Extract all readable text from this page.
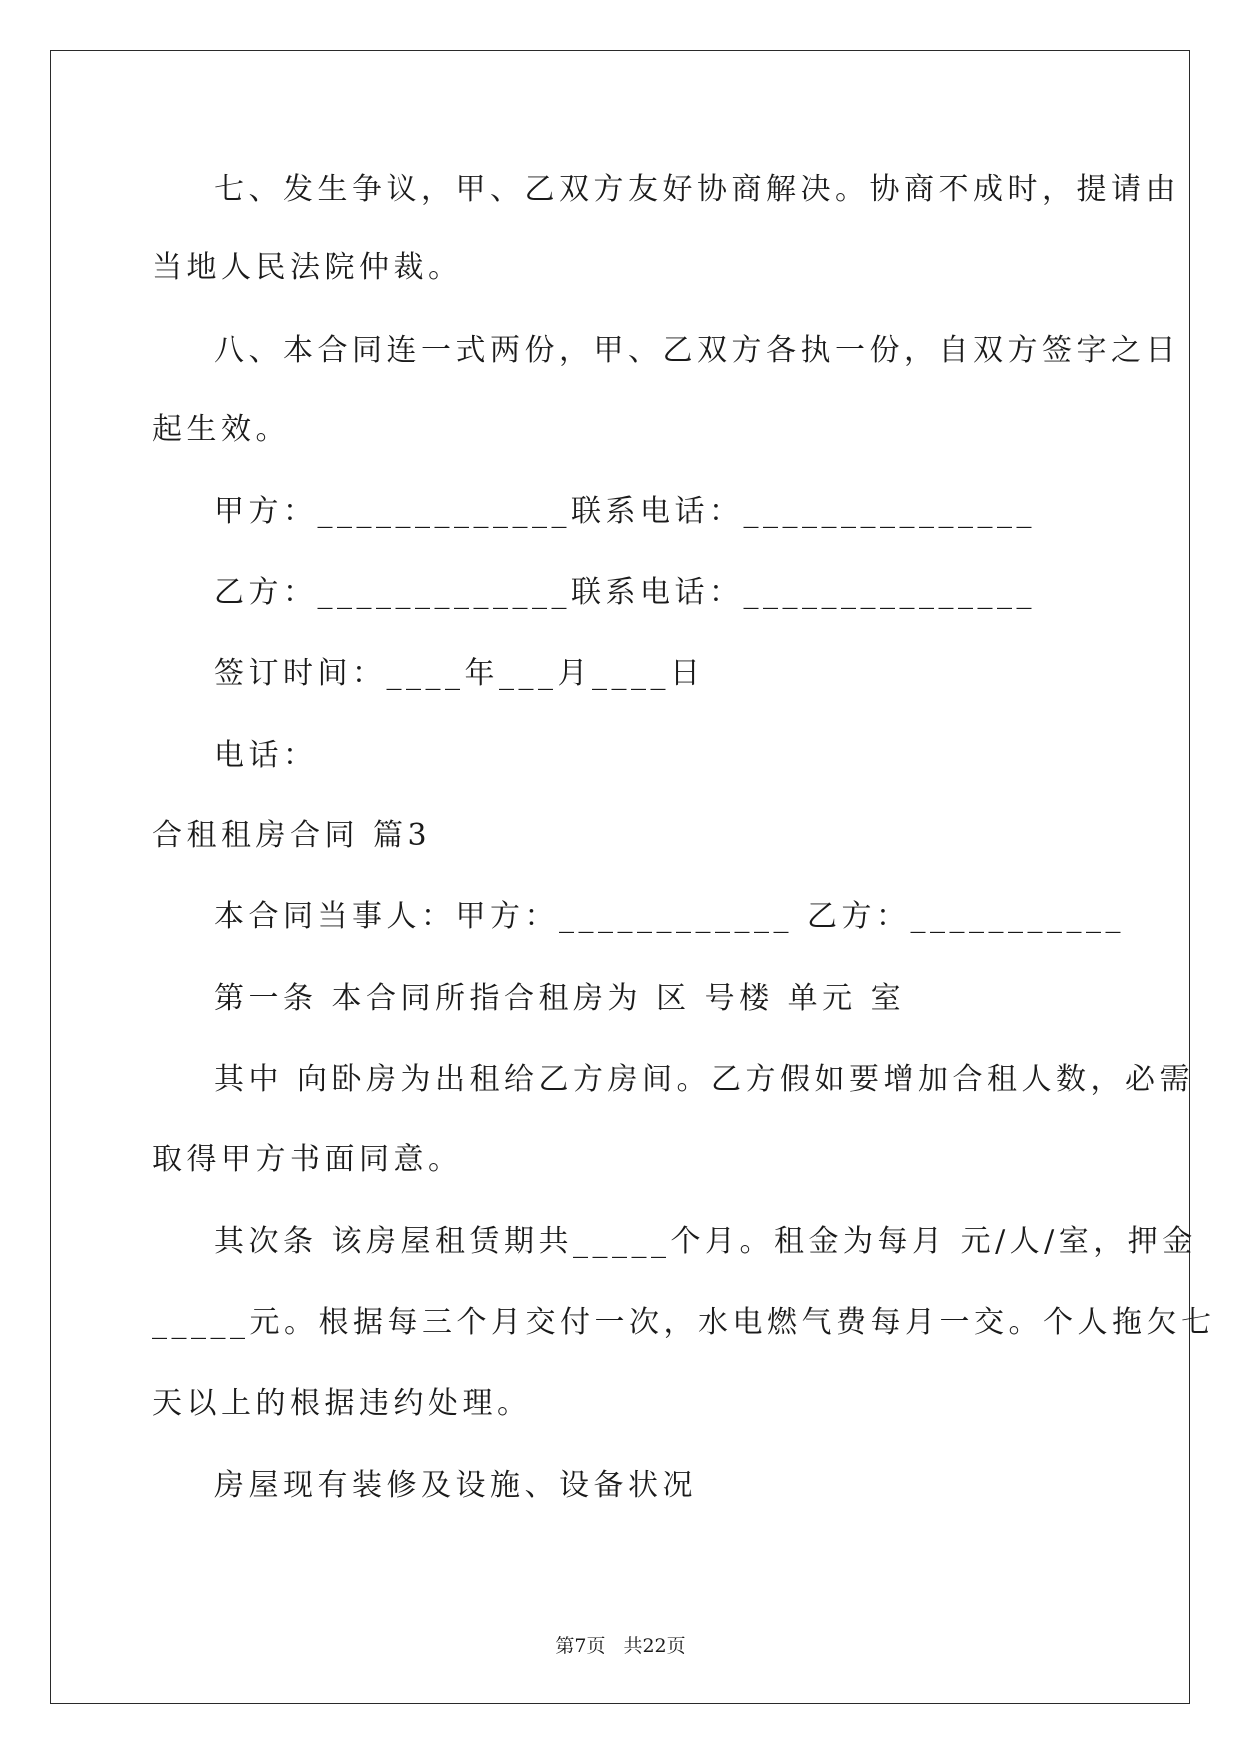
七、发生争议，甲、乙双方友好协商解决。协商不成时，提请由
当地人民法院仲裁。
八、本合同连一式两份，甲、乙双方各执一份，自双方签字之日
起生效。
甲方：_____________联系电话：_______________
乙方：_____________联系电话：_______________
签订时间：____年___月____日
电话：
合租租房合同 篇3
本合同当事人：甲方：____________ 乙方：___________
第一条 本合同所指合租房为 区 号楼 单元 室
其中 向卧房为出租给乙方房间。乙方假如要增加合租人数，必需
取得甲方书面同意。
其次条 该房屋租赁期共_____个月。租金为每月 元/人/室，押金
_____元。根据每三个月交付一次，水电燃气费每月一交。个人拖欠七
天以上的根据违约处理。
房屋现有装修及设施、设备状况
第7页 共22页
